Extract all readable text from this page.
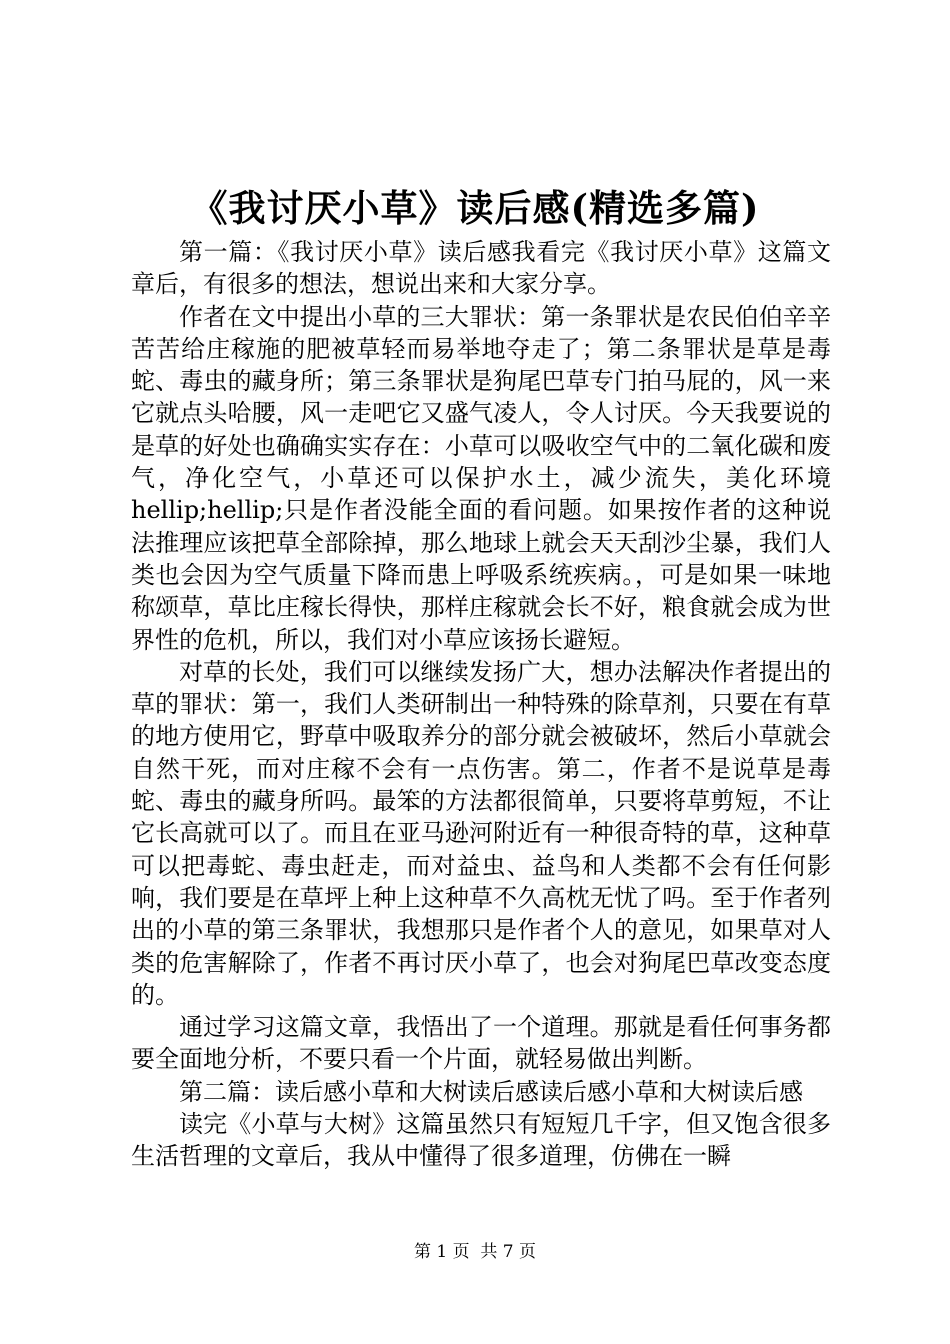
《我讨厌小草》读后感(精选多篇)

第一篇：《我讨厌小草》读后感我看完《我讨厌小草》这篇文章后，有很多的想法，想说出来和大家分享。

作者在文中提出小草的三大罪状：第一条罪状是农民伯伯辛辛苦苦给庄稼施的肥被草轻而易举地夺走了；第二条罪状是草是毒蛇、毒虫的藏身所；第三条罪状是狗尾巴草专门拍马屁的，风一来它就点头哈腰，风一走吧它又盛气凌人，令人讨厌。今天我要说的是草的好处也确确实实存在：小草可以吸收空气中的二氧化碳和废气，净化空气，小草还可以保护水土，减少流失，美化环境hellip;hellip;只是作者没能全面的看问题。如果按作者的这种说法推理应该把草全部除掉，那么地球上就会天天刮沙尘暴，我们人类也会因为空气质量下降而患上呼吸系统疾病。，可是如果一味地称颂草，草比庄稼长得快，那样庄稼就会长不好，粮食就会成为世界性的危机，所以，我们对小草应该扬长避短。

对草的长处，我们可以继续发扬广大，想办法解决作者提出的草的罪状：第一，我们人类研制出一种特殊的除草剂，只要在有草的地方使用它，野草中吸取养分的部分就会被破坏，然后小草就会自然干死，而对庄稼不会有一点伤害。第二，作者不是说草是毒蛇、毒虫的藏身所吗。最笨的方法都很简单，只要将草剪短，不让它长高就可以了。而且在亚马逊河附近有一种很奇特的草，这种草可以把毒蛇、毒虫赶走，而对益虫、益鸟和人类都不会有任何影响，我们要是在草坪上种上这种草不久高枕无忧了吗。至于作者列出的小草的第三条罪状，我想那只是作者个人的意见，如果草对人类的危害解除了，作者不再讨厌小草了，也会对狗尾巴草改变态度的。

通过学习这篇文章，我悟出了一个道理。那就是看任何事务都要全面地分析，不要只看一个片面，就轻易做出判断。

第二篇：读后感小草和大树读后感读后感小草和大树读后感

读完《小草与大树》这篇虽然只有短短几千字，但又饱含很多生活哲理的文章后，我从中懂得了很多道理，仿佛在一瞬

第 1 页  共 7 页
